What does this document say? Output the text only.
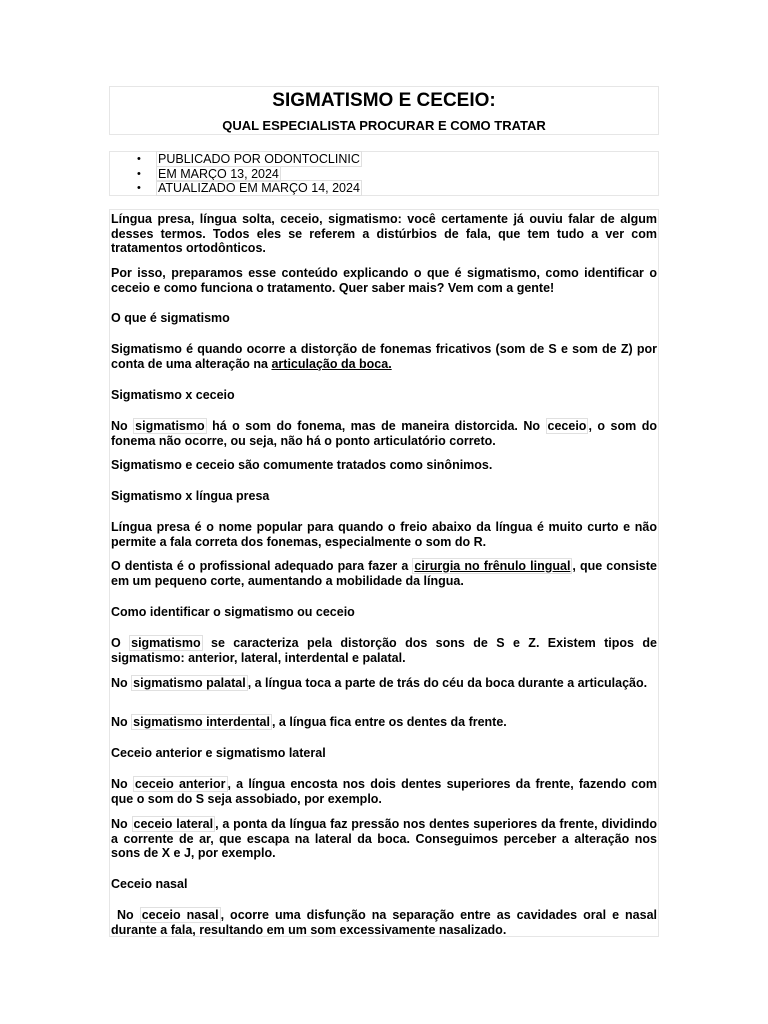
SIGMATISMO E CECEIO:
QUAL ESPECIALISTA PROCURAR E COMO TRATAR
• PUBLICADO POR ODONTOCLINIC
• EM MARÇO 13, 2024
• ATUALIZADO EM MARÇO 14, 2024

Língua presa, língua solta, ceceio, sigmatismo: você certamente já ouviu falar de algum desses termos. Todos eles se referem a distúrbios de fala, que tem tudo a ver com tratamentos ortodônticos.

Por isso, preparamos esse conteúdo explicando o que é sigmatismo, como identificar o ceceio e como funciona o tratamento. Quer saber mais? Vem com a gente!

O que é sigmatismo

Sigmatismo é quando ocorre a distorção de fonemas fricativos (som de S e som de Z) por conta de uma alteração na articulação da boca.

Sigmatismo x ceceio

No sigmatismo há o som do fonema, mas de maneira distorcida. No ceceio , o som do fonema não ocorre, ou seja, não há o ponto articulatório correto.

Sigmatismo e ceceio são comumente tratados como sinônimos.

Sigmatismo x língua presa

Língua presa é o nome popular para quando o freio abaixo da língua é muito curto e não permite a fala correta dos fonemas, especialmente o som do R.

O dentista é o profissional adequado para fazer a cirurgia no frênulo lingual , que consiste em um pequeno corte, aumentando a mobilidade da língua.

Como identificar o sigmatismo ou ceceio

O sigmatismo se caracteriza pela distorção dos sons de S e Z. Existem tipos de sigmatismo: anterior, lateral, interdental e palatal.

No sigmatismo palatal , a língua toca a parte de trás do céu da boca durante a articulação.

No sigmatismo interdental , a língua fica entre os dentes da frente.

Ceceio anterior e sigmatismo lateral

No ceceio anterior , a língua encosta nos dois dentes superiores da frente, fazendo com que o som do S seja assobiado, por exemplo.

No ceceio lateral , a ponta da língua faz pressão nos dentes superiores da frente, dividindo a corrente de ar, que escapa na lateral da boca. Conseguimos perceber a alteração nos sons de X e J, por exemplo.

Ceceio nasal

No ceceio nasal , ocorre uma disfunção na separação entre as cavidades oral e nasal durante a fala, resultando em um som excessivamente nasalizado.
